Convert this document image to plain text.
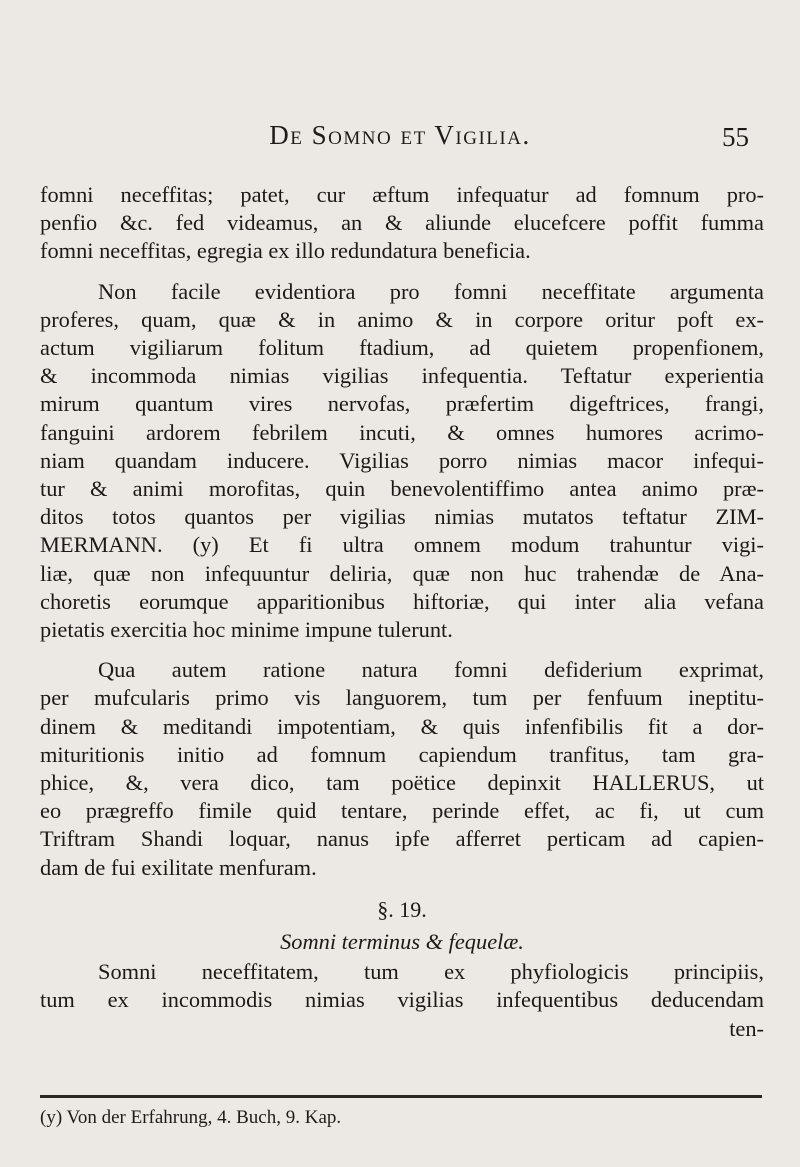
De Somno et Vigilia.	55
fomni neceffitas; patet, cur æftum infequatur ad fomnum pro-
penfio &c. fed videamus, an & aliunde elucefcere poffit fumma
fomni neceffitas, egregia ex illo redundatura beneficia.
Non facile evidentiora pro fomni neceffitate argumenta
proferes, quam, quæ & in animo & in corpore oritur poft ex-
actum vigiliarum folitum ftadium, ad quietem propenfionem,
& incommoda nimias vigilias infequentia. Teftatur experientia
mirum quantum vires nervofas, præfertim digeftrices, frangi,
fanguini ardorem febrilem incuti, & omnes humores acrimo-
niam quandam inducere. Vigilias porro nimias macor infequi-
tur & animi morofitas, quin benevolentiffimo antea animo præ-
ditos totos quantos per vigilias nimias mutatos teftatur ZIM-
MERMANN. (y) Et fi ultra omnem modum trahuntur vigi-
liæ, quæ non infequuntur deliria, quæ non huc trahendæ de Ana-
choretis eorumque apparitionibus hiftoriæ, qui inter alia vefana
pietatis exercitia hoc minime impune tulerunt.
Qua autem ratione natura fomni defiderium exprimat,
per mufcularis primo vis languorem, tum per fenfuum ineptitu-
dinem & meditandi impotentiam, & quis infenfibilis fit a dor-
mituritionis initio ad fomnum capiendum tranfitus, tam gra-
phice, &, vera dico, tam poëtice depinxit HALLERUS, ut
eo prægreffo fimile quid tentare, perinde effet, ac fi, ut cum
Triftram Shandi loquar, nanus ipfe afferret perticam ad capien-
dam de fui exilitate menfuram.
§. 19.
Somni terminus & fequelæ.
Somni neceffitatem, tum ex phyfiologicis principiis,
tum ex incommodis nimias vigilias infequentibus deducendam
ten-
(y) Von der Erfahrung, 4. Buch, 9. Kap.
